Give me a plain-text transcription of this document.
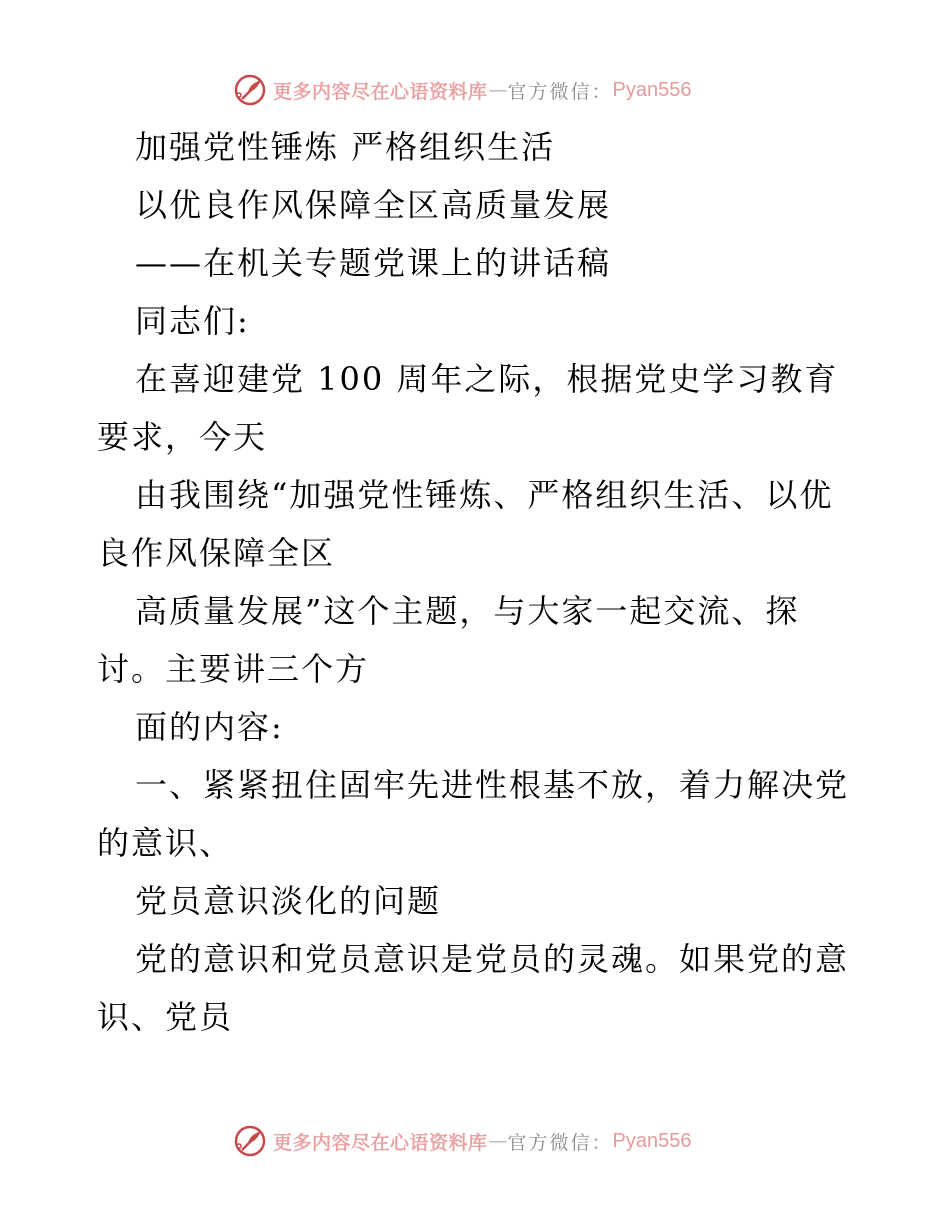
更多内容尽在心语资料库 — 官方微信： Pyan556
加强党性锤炼 严格组织生活
以优良作风保障全区高质量发展
——在机关专题党课上的讲话稿
同志们:
在喜迎建党 100 周年之际，根据党史学习教育
要求，今天
由我围绕“加强党性锤炼、严格组织生活、以优
良作风保障全区
高质量发展”这个主题，与大家一起交流、探
讨。主要讲三个方
面的内容:
一、紧紧扭住固牢先进性根基不放，着力解决党
的意识、
党员意识淡化的问题
党的意识和党员意识是党员的灵魂。如果党的意
识、党员
更多内容尽在心语资料库 — 官方微信： Pyan556
